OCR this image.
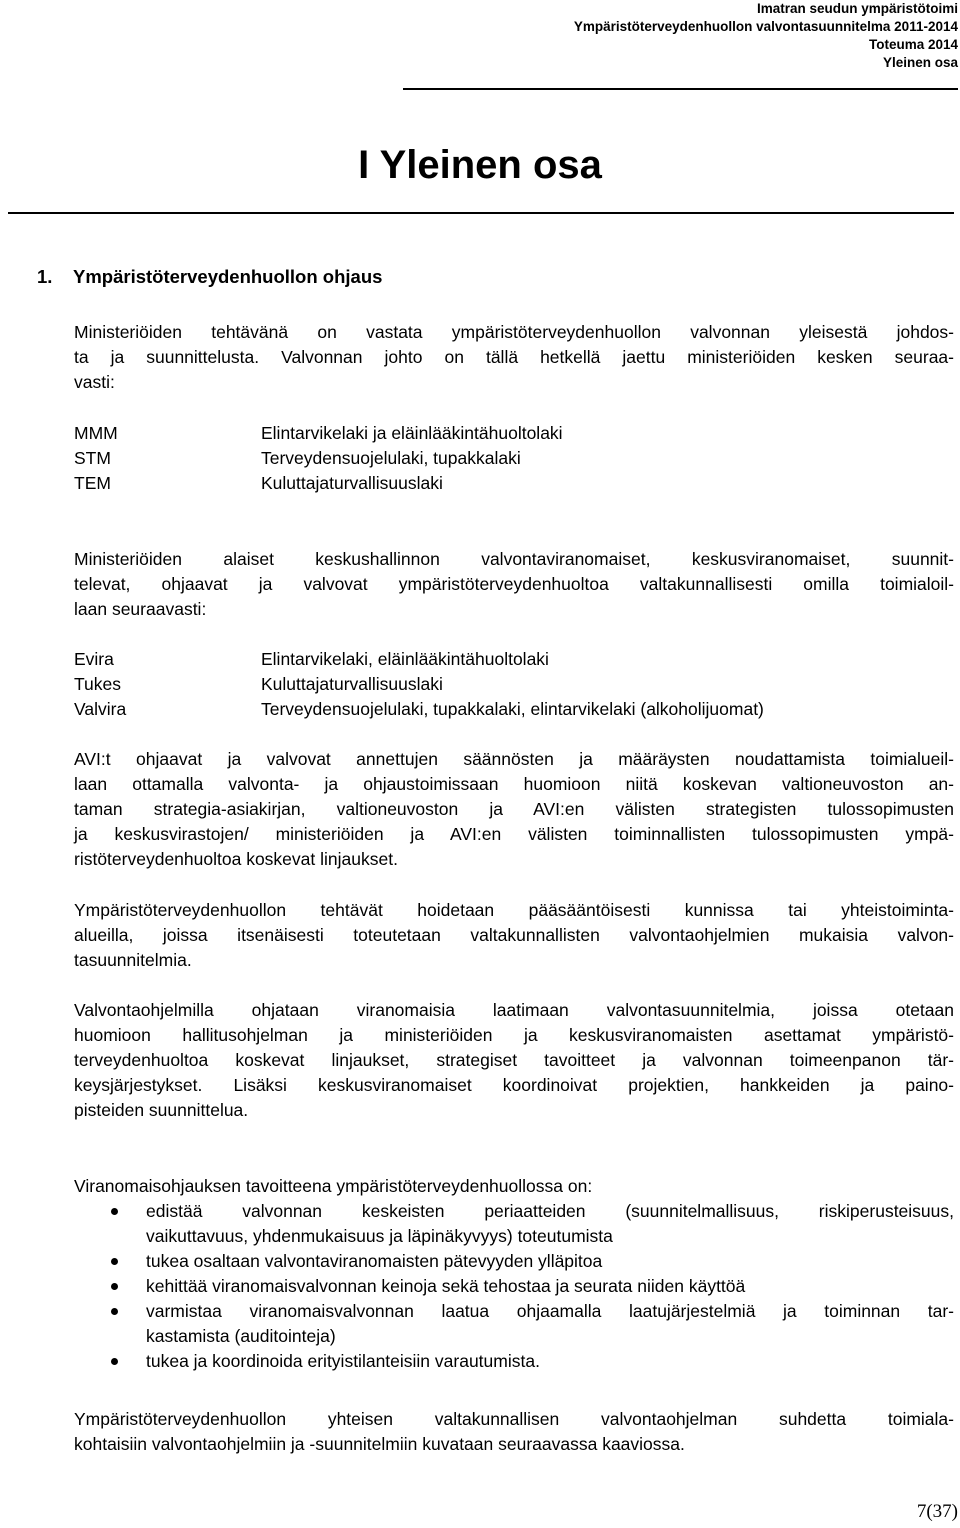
Imatran seudun ympäristötoimi
Ympäristöterveydenhuollon valvontasuunnitelma 2011-2014
Toteuma 2014
Yleinen osa
I Yleinen osa
1. Ympäristöterveydenhuollon ohjaus
Ministeriöiden tehtävänä on vastata ympäristöterveydenhuollon valvonnan yleisestä johdos-
ta ja suunnittelusta. Valvonnan johto on tällä hetkellä jaettu ministeriöiden kesken seuraa-
vasti:
MMM	Elintarvikelaki ja eläinlääkintähuoltolaki
STM	Terveydensuojelulaki, tupakkalaki
TEM	Kuluttajaturvallisuuslaki
Ministeriöiden alaiset keskushallinnon valvontaviranomaiset, keskusviranomaiset, suunnit-
televat, ohjaavat ja valvovat ympäristöterveydenhuoltoa valtakunnallisesti omilla toimialoil-
laan seuraavasti:
Evira	Elintarvikelaki, eläinlääkintähuoltolaki
Tukes	Kuluttajaturvallisuuslaki
Valvira	Terveydensuojelulaki, tupakkalaki, elintarvikelaki (alkoholijuomat)
AVI:t ohjaavat ja valvovat annettujen säännösten ja määräysten noudattamista toimialueil-
laan ottamalla valvonta- ja ohjaustoimissaan huomioon niitä koskevan valtioneuvoston an-
taman strategia-asiakirjan, valtioneuvoston ja AVI:en välisten strategisten tulossopimusten
ja keskusvirastojen/ ministeriöiden ja AVI:en välisten toiminnallisten tulossopimusten ympä-
ristöterveydenhuoltoa koskevat linjaukset.
Ympäristöterveydenhuollon tehtävät hoidetaan pääsääntöisesti kunnissa tai yhteistoiminta-
alueilla, joissa itsenäisesti toteutetaan valtakunnallisten valvontaohjelmien mukaisia valvon-
tasuunnitelmia.
Valvontaohjelmilla ohjataan viranomaisia laatimaan valvontasuunnitelmia, joissa otetaan
huomioon hallitusohjelman ja ministeriöiden ja keskusviranomaisten asettamat ympäristö-
terveydenhuoltoa koskevat linjaukset, strategiset tavoitteet ja valvonnan toimeenpanon tär-
keysjärjestykset. Lisäksi keskusviranomaiset koordinoivat projektien, hankkeiden ja paino-
pisteiden suunnittelua.
Viranomaisohjauksen tavoitteena ympäristöterveydenhuollossa on:
edistää valvonnan keskeisten periaatteiden (suunnitelmallisuus, riskiperusteisuus,
vaikuttavuus, yhdenmukaisuus ja läpinäkyvyys) toteutumista
tukea osaltaan valvontaviranomaisten pätevyyden ylläpitoa
kehittää viranomaisvalvonnan keinoja sekä tehostaa ja seurata niiden käyttöä
varmistaa viranomaisvalvonnan laatua ohjaamalla laatujärjestelmiä ja toiminnan tar-
kastamista (auditointeja)
tukea ja koordinoida erityistilanteisiin varautumista.
Ympäristöterveydenhuollon yhteisen valtakunnallisen valvontaohjelman suhdetta toimiala-
kohtaisiin valvontaohjelmiin ja -suunnitelmiin kuvataan seuraavassa kaaviossa.
7(37)
